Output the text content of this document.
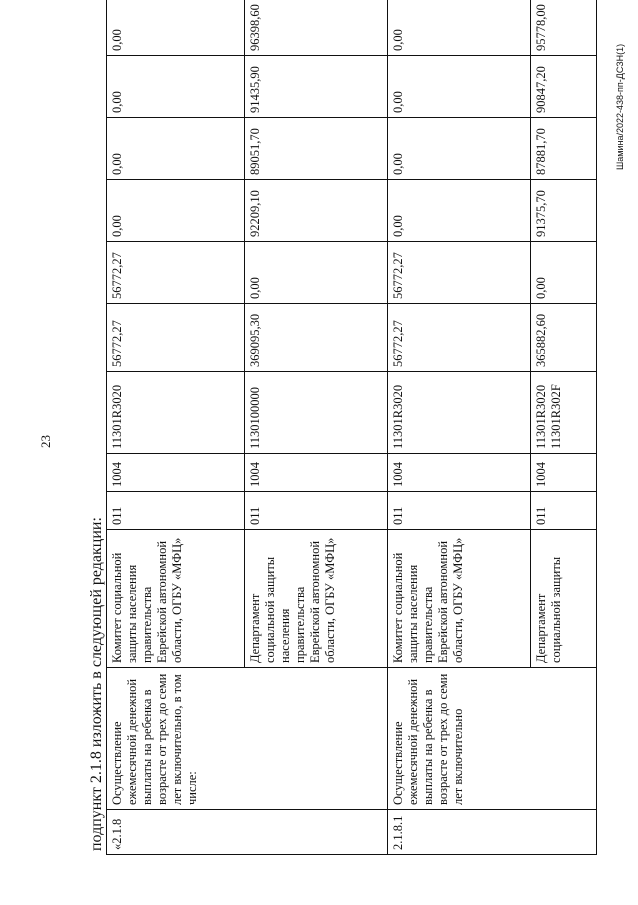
23
Шамина/2022-438-пп-ДСЗН(1)
подпункт 2.1.8 изложить в следующей редакции: «2.1.8	Осуществление ежемесячной денежной выплаты на ребенка в возрасте от трех до семи лет включительно, в том числе:	Комитет социальной защиты населения правительства Еврейской автономной области, ОГБУ «МФЦ»	011	1004	11301R3020	56772,27	56772,27	0,00	0,00	0,00	0,00
		Департамент социальной защиты населения правительства Еврейской автономной области, ОГБУ «МФЦ»	011	1004	1130100000	369095,30	0,00	92209,10	89051,70	91435,90	96398,60
2.1.8.1	Осуществление ежемесячной денежной выплаты на ребенка в возрасте от трех до семи лет включительно	Комитет социальной защиты населения правительства Еврейской автономной области, ОГБУ «МФЦ»	011	1004	11301R3020	56772,27	56772,27	0,00	0,00	0,00	0,00
		Департамент социальной защиты	011	1004	11301R3020 11301R302F	365882,60	0,00	91375,70	87881,70	90847,20	95778,00
